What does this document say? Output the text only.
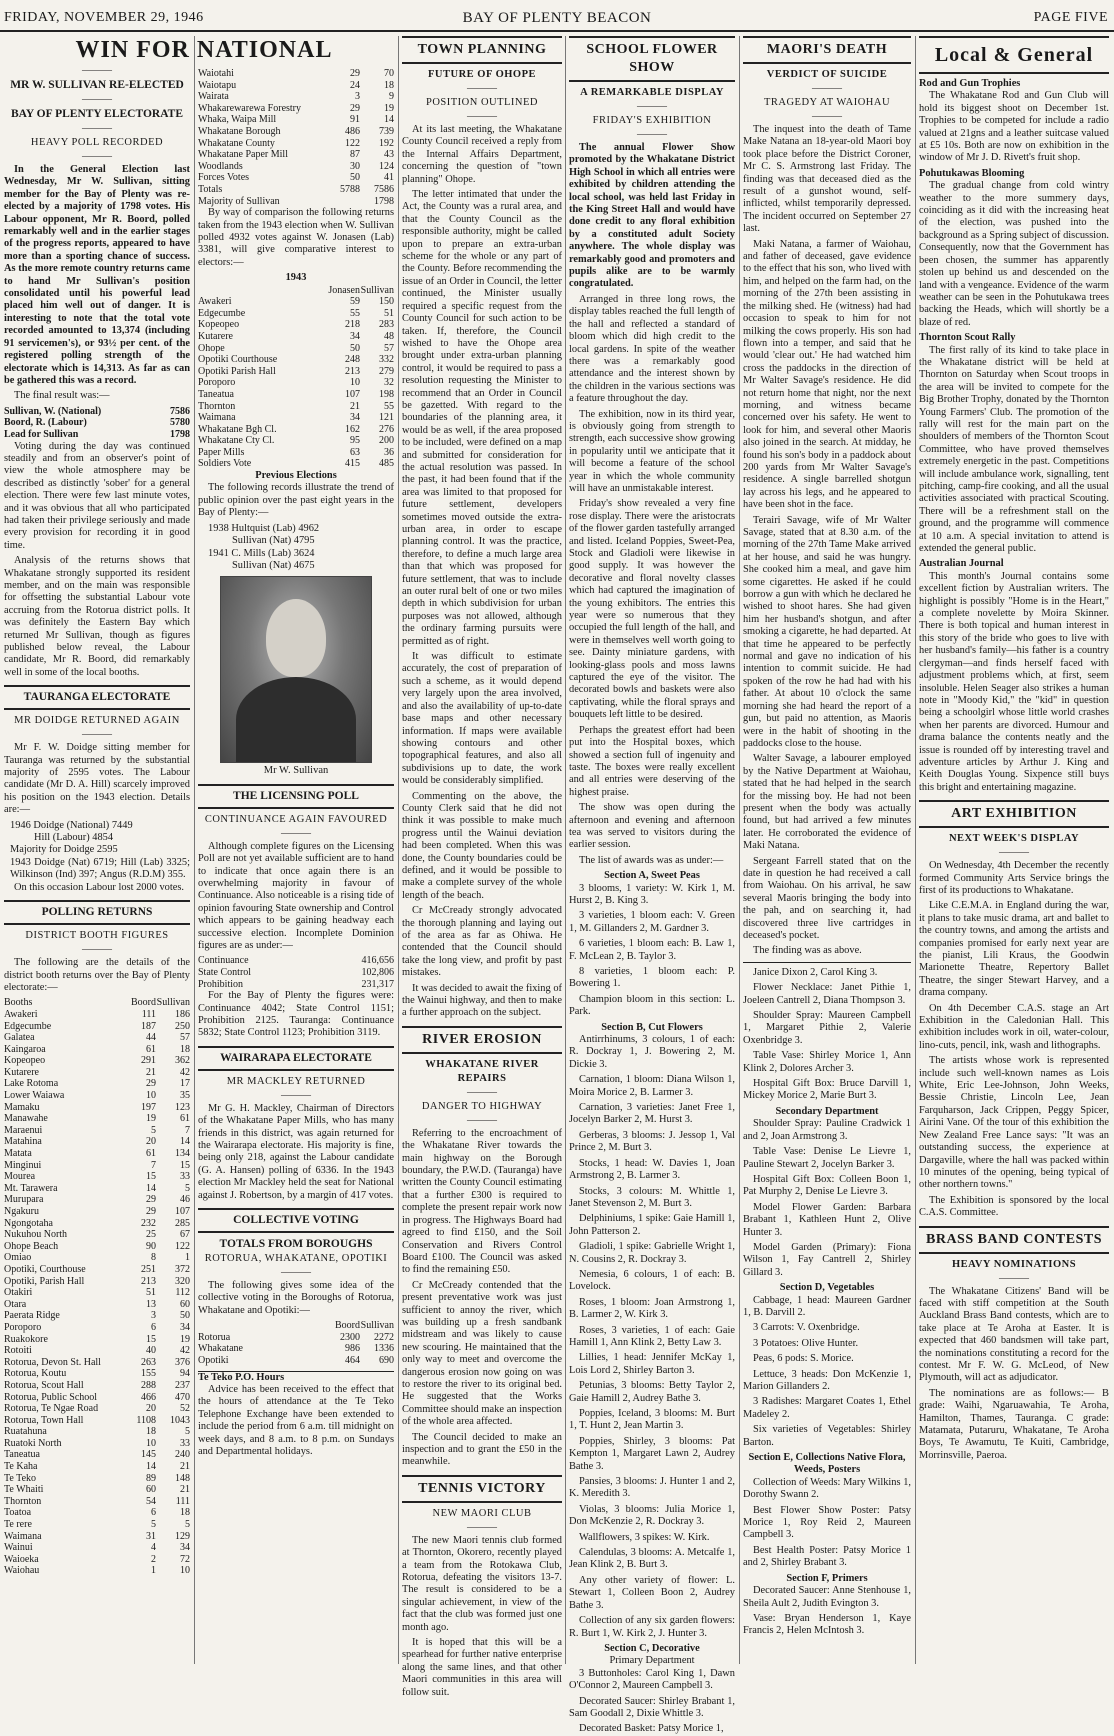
FRIDAY, NOVEMBER 29, 1946	BAY OF PLENTY BEACON	PAGE FIVE
WIN FOR NATIONAL
———
MR W. SULLIVAN RE-ELECTED
———
BAY OF PLENTY ELECTORATE
———
HEAVY POLL RECORDED
———

In the General Election last Wednesday, Mr W. Sullivan, sitting member for the Bay of Plenty was re-elected by a majority of 1798 votes. His Labour opponent, Mr R. Boord, polled remarkably well and in the earlier stages of the progress reports, appeared to have more than a sporting chance of success. As the more remote country returns came to hand Mr Sullivan's position consolidated until his powerful lead placed him well out of danger. It is interesting to note that the total vote recorded amounted to 13,374 (including 91 servicemen's), or 93½ per cent. of the registered polling strength of the electorate which is 14,313. As far as can be gathered this was a record.

The final result was:—

Sullivan, W. (National)	7586
Boord, R. (Labour)	5780
Lead for Sullivan	1798

Voting during the day was continued steadily and from an observer's point of view the whole atmosphere may be described as distinctly 'sober' for a general election. There were few last minute votes, and it was obvious that all who participated had taken their privilege seriously and made every provision for recording it in good time.

Analysis of the returns shows that Whakatane strongly supported its resident member, and on the main was responsible for offsetting the substantial Labour vote accruing from the Rotorua district polls. It was definitely the Eastern Bay which returned Mr Sullivan, though as figures published below reveal, the Labour candidate, Mr R. Boord, did remarkably well in some of the local booths.

TAURANGA ELECTORATE
MR DOIDGE RETURNED AGAIN
———

Mr F. W. Doidge sitting member for Tauranga was returned by the substantial majority of 2595 votes. The Labour candidate (Mr D. A. Hill) scarcely improved his position on the 1943 election. Details are:—

1946 Doidge (National) 7449
Hill (Labour) 4854
Majority for Doidge 2595
1943 Doidge (Nat) 6719; Hill (Lab) 3325; Wilkinson (Ind) 397; Angus (R.D.M) 355.

On this occasion Labour lost 2000 votes.

POLLING RETURNS
DISTRICT BOOTH FIGURES
———

The following are the details of the district booth returns over the Bay of Plenty electorate:—

Booths	Boord	Sullivan
Awakeri	111	186
Edgecumbe	187	250
Galatea	44	57
Kaingaroa	61	18
Kopeopeo	291	362
Kutarere	21	42
Lake Rotoma	29	17
Lower Waiawa	10	35
Mamaku	197	123
Manawahe	19	61
Maraenui	5	7
Matahina	20	14
Matata	61	134
Minginui	7	15
Mourea	15	33
Mt. Tarawera	14	5
Murupara	29	46
Ngakuru	29	107
Ngongotaha	232	285
Nukuhou North	25	67
Ohope Beach	90	122
Omiao	8	1
Opotiki, Courthouse	251	372
Opotiki, Parish Hall	213	320
Otakiri	51	112
Otara	13	60
Paerata Ridge	3	50
Poroporo	6	34
Ruakokore	15	19
Rotoiti	40	42
Rotorua, Devon St. Hall	263	376
Rotorua, Koutu	155	94
Rotorua, Scout Hall	288	237
Rotorua, Public School	466	470
Rotorua, Te Ngae Road	20	52
Rotorua, Town Hall	1108	1043
Ruatahuna	18	5
Ruatoki North	10	33
Taneatua	145	240
Te Kaha	14	21
Te Teko	89	148
Te Whaiti	60	21
Thornton	54	111
Toatoa	6	18
Te rere	5	5
Waimana	31	129
Wainui	4	34
Waioeka	2	72
Waiohau	1	10
Waiotahi	29	70
Waiotapu	24	18
Wairata	3	9
Whakarewarewa Forestry	29	19
Whaka, Waipa Mill	91	14
Whakatane Borough	486	739
Whakatane County	122	192
Whakatane Paper Mill	87	43
Woodlands	30	124
Forces Votes	50	41
Totals	5788	7586
Majority of Sullivan		1798

By way of comparison the following returns taken from the 1943 election when W. Sullivan polled 4932 votes against W. Jonasen (Lab) 3381, will give comparative interest to electors:—

1943
	Jonasen	Sullivan
Awakeri	59	150
Edgecumbe	55	51
Kopeopeo	218	283
Kutarere	34	48
Ohope	50	57
Opotiki Courthouse	248	332
Opotiki Parish Hall	213	279
Poroporo	10	32
Taneatua	107	198
Thornton	21	55
Waimana	34	121
Whakatane Bgh Cl.	162	276
Whakatane Cty Cl.	95	200
Paper Mills	63	36
Soldiers Vote	415	485
Previous Elections

The following records illustrate the trend of public opinion over the past eight years in the Bay of Plenty:—

1938 Hultquist (Lab) 4962
Sullivan (Nat) 4795
1941 C. Mills (Lab) 3624
Sullivan (Nat) 4675
Mr W. Sullivan
THE LICENSING POLL
CONTINUANCE AGAIN FAVOURED
———

Although complete figures on the Licensing Poll are not yet available sufficient are to hand to indicate that once again there is an overwhelming majority in favour of Continuance. Also noticeable is a rising tide of opinion favouring State ownership and Control which appears to be gaining headway each successive election. Incomplete Dominion figures are as under:—

Continuance	416,656
State Control	102,806
Prohibition	231,317

For the Bay of Plenty the figures were: Continuance 4042; State Control 1151; Prohibition 2125. Tauranga: Continuance 5832; State Control 1123; Prohibition 3119.

WAIRARAPA ELECTORATE
MR MACKLEY RETURNED
———

Mr G. H. Mackley, Chairman of Directors of the Whakatane Paper Mills, who has many friends in this district, was again returned for the Wairarapa electorate. His majority is fine, being only 218, against the Labour candidate (G. A. Hansen) polling of 6336. In the 1943 election Mr Mackley held the seat for National against J. Robertson, by a margin of 417 votes.

COLLECTIVE VOTING
TOTALS FROM BOROUGHS
ROTORUA, WHAKATANE, OPOTIKI
———

The following gives some idea of the collective voting in the Boroughs of Rotorua, Whakatane and Opotiki:—

	Boord	Sullivan
Rotorua	2300	2272
Whakatane	986	1336
Opotiki	464	690
Te Teko P.O. Hours

Advice has been received to the effect that the hours of attendance at the Te Teko Telephone Exchange have been extended to include the period from 6 a.m. till midnight on week days, and 8 a.m. to 8 p.m. on Sundays and Departmental holidays.

TOWN PLANNING
FUTURE OF OHOPE
———
POSITION OUTLINED
———

At its last meeting, the Whakatane County Council received a reply from the Internal Affairs Department, concerning the question of "town planning" Ohope.

The letter intimated that under the Act, the County was a rural area, and that the County Council as the responsible authority, might be called upon to prepare an extra-urban scheme for the whole or any part of the County. Before recommending the issue of an Order in Council, the letter continued, the Minister usually required a specific request from the County Council for such action to be taken. If, therefore, the Council wished to have the Ohope area brought under extra-urban planning control, it would be required to pass a resolution requesting the Minister to recommend that an Order in Council be gazetted. With regard to the boundaries of the planning area, it would be as well, if the area proposed to be included, were defined on a map and submitted for consideration for the actual resolution was passed. In the past, it had been found that if the area was limited to that proposed for future settlement, developers sometimes moved outside the extra-urban area, in order to escape planning control. It was the practice, therefore, to define a much large area than that which was proposed for future settlement, that was to include an outer rural belt of one or two miles depth in which subdivision for urban purposes was not allowed, although the ordinary farming pursuits were permitted as of right.

It was difficult to estimate accurately, the cost of preparation of such a scheme, as it would depend very largely upon the area involved, and also the availability of up-to-date base maps and other necessary information. If maps were available showing contours and other topographical features, and also all subdivisions up to date, the work would be considerably simplified.

Commenting on the above, the County Clerk said that he did not think it was possible to make much progress until the Wainui deviation had been completed. When this was done, the County boundaries could be defined, and it would be possible to make a complete survey of the whole length of the beach.

Cr McCready strongly advocated the thorough planning and laying out of the area as far as Ohiwa. He contended that the Council should take the long view, and profit by past mistakes.

It was decided to await the fixing of the Wainui highway, and then to make a further approach on the subject.

RIVER EROSION
WHAKATANE RIVER REPAIRS
———
DANGER TO HIGHWAY
———

Referring to the encroachment of the Whakatane River towards the main highway on the Borough boundary, the P.W.D. (Tauranga) have written the County Council estimating that a further £300 is required to complete the present repair work now in progress. The Highways Board had agreed to find £150, and the Soil Conservation and Rivers Control Board £100. The Council was asked to find the remaining £50.

Cr McCready contended that the present preventative work was just sufficient to annoy the river, which was building up a fresh sandbank midstream and was likely to cause new scouring. He maintained that the only way to meet and overcome the dangerous erosion now going on was to restore the river to its original bed. He suggested that the Works Committee should make an inspection of the whole area affected.

The Council decided to make an inspection and to grant the £50 in the meanwhile.

TENNIS VICTORY
NEW MAORI CLUB
———

The new Maori tennis club formed at Thornton, Okorero, recently played a team from the Rotokawa Club, Rotorua, defeating the visitors 13-7. The result is considered to be a singular achievement, in view of the fact that the club was formed just one month ago.

It is hoped that this will be a spearhead for further native enterprise along the same lines, and that other Maori communities in this area will follow suit.

SCHOOL FLOWER SHOW
A REMARKABLE DISPLAY
———
FRIDAY'S EXHIBITION
———

The annual Flower Show promoted by the Whakatane District High School in which all entries were exhibited by children attending the local school, was held last Friday in the King Street Hall and would have done credit to any floral exhibition by a constituted adult Society anywhere. The whole display was remarkably good and promoters and pupils alike are to be warmly congratulated.

Arranged in three long rows, the display tables reached the full length of the hall and reflected a standard of bloom which did high credit to the local gardens. In spite of the weather there was a remarkably good attendance and the interest shown by the children in the various sections was a feature throughout the day.

The exhibition, now in its third year, is obviously going from strength to strength, each successive show growing in popularity until we anticipate that it will become a feature of the school year in which the whole community will have an unmistakable interest.

Friday's show revealed a very fine rose display. There were the aristocrats of the flower garden tastefully arranged and listed. Iceland Poppies, Sweet-Pea, Stock and Gladioli were likewise in good supply. It was however the decorative and floral novelty classes which had captured the imagination of the young exhibitors. The entries this year were so numerous that they occupied the full length of the hall, and were in themselves well worth going to see. Dainty miniature gardens, with looking-glass pools and moss lawns captured the eye of the visitor. The decorated bowls and baskets were also captivating, while the floral sprays and bouquets left little to be desired.

Perhaps the greatest effort had been put into the Hospital boxes, which showed a section full of ingenuity and taste. The boxes were really excellent and all entries were deserving of the highest praise.

The show was open during the afternoon and evening and afternoon tea was served to visitors during the earlier session.

The list of awards was as under:—

Section A, Sweet Peas

3 blooms, 1 variety: W. Kirk 1, M. Hurst 2, B. King 3.

3 varieties, 1 bloom each: V. Green 1, M. Gillanders 2, M. Gardner 3.

6 varieties, 1 bloom each: B. Law 1, F. McLean 2, B. Taylor 3.

8 varieties, 1 bloom each: P. Bowering 1.

Champion bloom in this section: L. Park.

Section B, Cut Flowers

Antirrhinums, 3 colours, 1 of each: R. Dockray 1, J. Bowering 2, M. Dickie 3.

Carnation, 1 bloom: Diana Wilson 1, Moira Morice 2, B. Larmer 3.

Carnation, 3 varieties: Janet Free 1, Jocelyn Barker 2, M. Hurst 3.

Gerberas, 3 blooms: J. Jessop 1, Val Prince 2, M. Burt 3.

Stocks, 1 head: W. Davies 1, Joan Armstrong 2, B. Larmer 3.

Stocks, 3 colours: M. Whittle 1, Janet Stevenson 2, M. Burt 3.

Delphiniums, 1 spike: Gaie Hamill 1, John Patterson 2.

Gladioli, 1 spike: Gabrielle Wright 1, N. Cousins 2, R. Dockray 3.

Nemesia, 6 colours, 1 of each: B. Lovelock.

Roses, 1 bloom: Joan Armstrong 1, B. Larmer 2, W. Kirk 3.

Roses, 3 varieties, 1 of each: Gaie Hamill 1, Ann Klink 2, Betty Law 3.

Lillies, 1 head: Jennifer McKay 1, Lois Lord 2, Shirley Barton 3.

Petunias, 3 blooms: Betty Taylor 2, Gaie Hamill 2, Audrey Bathe 3.

Poppies, Iceland, 3 blooms: M. Burt 1, T. Hunt 2, Jean Martin 3.

Poppies, Shirley, 3 blooms: Pat Kempton 1, Margaret Lawn 2, Audrey Bathe 3.

Pansies, 3 blooms: J. Hunter 1 and 2, K. Meredith 3.

Violas, 3 blooms: Julia Morice 1, Don McKenzie 2, R. Dockray 3.

Wallflowers, 3 spikes: W. Kirk.

Calendulas, 3 blooms: A. Metcalfe 1, Jean Klink 2, B. Burt 3.

Any other variety of flower: L. Stewart 1, Colleen Boon 2, Audrey Bathe 3.

Collection of any six garden flowers: R. Burt 1, W. Kirk 2, J. Hunter 3.

Section C, Decorative
Primary Department

3 Buttonholes: Carol King 1, Dawn O'Connor 2, Maureen Campbell 3.

Decorated Saucer: Shirley Brabant 1, Sam Goodall 2, Dixie Whittle 3.

Decorated Basket: Patsy Morice 1,

MAORI'S DEATH
VERDICT OF SUICIDE
———
TRAGEDY AT WAIOHAU
———

The inquest into the death of Tame Make Natana an 18-year-old Maori boy took place before the District Coroner, Mr C. S. Armstrong last Friday. The finding was that deceased died as the result of a gunshot wound, self-inflicted, whilst temporarily depressed. The incident occurred on September 27 last.

Maki Natana, a farmer of Waiohau, and father of deceased, gave evidence to the effect that his son, who lived with him, and helped on the farm had, on the morning of the 27th been assisting in the milking shed. He (witness) had had occasion to speak to him for not milking the cows properly. His son had flown into a temper, and said that he would 'clear out.' He had watched him cross the paddocks in the direction of Mr Walter Savage's residence. He did not return home that night, nor the next morning, and witness became concerned over his safety. He went to look for him, and several other Maoris also joined in the search. At midday, he found his son's body in a paddock about 200 yards from Mr Walter Savage's residence. A single barrelled shotgun lay across his legs, and he appeared to have been shot in the face.

Terairi Savage, wife of Mr Walter Savage, stated that at 8.30 a.m. of the morning of the 27th Tame Make arrived at her house, and said he was hungry. She cooked him a meal, and gave him some cigarettes. He asked if he could borrow a gun with which he declared he wished to shoot hares. She had given him her husband's shotgun, and after smoking a cigarette, he had departed. At that time he appeared to be perfectly normal and gave no indication of his intention to commit suicide. He had spoken of the row he had had with his father. At about 10 o'clock the same morning she had heard the report of a gun, but paid no attention, as Maoris were in the habit of shooting in the paddocks close to the house.

Walter Savage, a labourer employed by the Native Department at Waiohau, stated that he had helped in the search for the missing boy. He had not been present when the body was actually found, but had arrived a few minutes later. He corroborated the evidence of Maki Natana.

Sergeant Farrell stated that on the date in question he had received a call from Waiohau. On his arrival, he saw several Maoris bringing the body into the pah, and on searching it, had discovered three live cartridges in deceased's pocket.

The finding was as above.

Janice Dixon 2, Carol King 3.

Flower Necklace: Janet Pithie 1, Joeleen Cantrell 2, Diana Thompson 3.

Shoulder Spray: Maureen Campbell 1, Margaret Pithie 2, Valerie Oxenbridge 3.

Table Vase: Shirley Morice 1, Ann Klink 2, Dolores Archer 3.

Hospital Gift Box: Bruce Darvill 1, Mickey Morice 2, Marie Burt 3.

Secondary Department

Shoulder Spray: Pauline Cradwick 1 and 2, Joan Armstrong 3.

Table Vase: Denise Le Lievre 1, Pauline Stewart 2, Jocelyn Barker 3.

Hospital Gift Box: Colleen Boon 1, Pat Murphy 2, Denise Le Lievre 3.

Model Flower Garden: Barbara Brabant 1, Kathleen Hunt 2, Olive Hunter 3.

Model Garden (Primary): Fiona Wilson 1, Fay Cantrell 2, Shirley Gillard 3.

Section D, Vegetables

Cabbage, 1 head: Maureen Gardner 1, B. Darvill 2.

3 Carrots: V. Oxenbridge.

3 Potatoes: Olive Hunter.

Peas, 6 pods: S. Morice.

Lettuce, 3 heads: Don McKenzie 1, Marion Gillanders 2.

3 Radishes: Margaret Coates 1, Ethel Madeley 2.

Six varieties of Vegetables: Shirley Barton.

Section E, Collections Native Flora, Weeds, Posters

Collection of Weeds: Mary Wilkins 1, Dorothy Swann 2.

Best Flower Show Poster: Patsy Morice 1, Roy Reid 2, Maureen Campbell 3.

Best Health Poster: Patsy Morice 1 and 2, Shirley Brabant 3.

Section F, Primers

Decorated Saucer: Anne Stenhouse 1, Sheila Ault 2, Judith Evington 3.

Vase: Bryan Henderson 1, Kaye Francis 2, Helen McIntosh 3.

Local & General
Rod and Gun Trophies

The Whakatane Rod and Gun Club will hold its biggest shoot on December 1st. Trophies to be competed for include a radio valued at 21gns and a leather suitcase valued at £5 10s. Both are now on exhibition in the window of Mr J. D. Rivett's fruit shop.

Pohutukawas Blooming

The gradual change from cold wintry weather to the more summery days, coinciding as it did with the increasing heat of the election, was pushed into the background as a Spring subject of discussion. Consequently, now that the Government has been chosen, the summer has apparently stolen up behind us and descended on the land with a vengeance. Evidence of the warm weather can be seen in the Pohutukawa trees backing the Heads, which will shortly be a blaze of red.

Thornton Scout Rally

The first rally of its kind to take place in the Whakatane district will be held at Thornton on Saturday when Scout troops in the area will be invited to compete for the Big Brother Trophy, donated by the Thornton Young Farmers' Club. The promotion of the rally will rest for the main part on the shoulders of members of the Thornton Scout Committee, who have proved themselves extremely energetic in the past. Competitions will include ambulance work, signalling, tent pitching, camp-fire cooking, and all the usual activities associated with practical Scouting. There will be a refreshment stall on the ground, and the programme will commence at 10 a.m. A special invitation to attend is extended the general public.

Australian Journal

This month's Journal contains some excellent fiction by Australian writers. The highlight is possibly "Home is in the Heart," a complete novelette by Moira Skinner. There is both topical and human interest in this story of the bride who goes to live with her husband's family—his father is a country clergyman—and finds herself faced with adjustment problems which, at first, seem insoluble. Helen Seager also strikes a human note in "Moody Kid," the "kid" in question being a schoolgirl whose little world crashes when her parents are divorced. Humour and drama balance the contents neatly and the issue is rounded off by interesting travel and adventure articles by Arthur J. King and Keith Douglas Young. Sixpence still buys this bright and entertaining magazine.

ART EXHIBITION
NEXT WEEK'S DISPLAY
———

On Wednesday, 4th December the recently formed Community Arts Service brings the first of its productions to Whakatane.

Like C.E.M.A. in England during the war, it plans to take music drama, art and ballet to the country towns, and among the artists and companies promised for early next year are the pianist, Lili Kraus, the Goodwin Marionette Theatre, Repertory Ballet Theatre, the singer Stewart Harvey, and a drama company.

On 4th December C.A.S. stage an Art Exhibition in the Caledonian Hall. This exhibition includes work in oil, water-colour, lino-cuts, pencil, ink, wash and lithographs.

The artists whose work is represented include such well-known names as Lois White, Eric Lee-Johnson, John Weeks, Bessie Christie, Lincoln Lee, Jean Farquharson, Jack Crippen, Peggy Spicer, Airini Vane. Of the tour of this exhibition the New Zealand Free Lance says: "It was an outstanding success, the experience at Dargaville, where the hall was packed within 10 minutes of the opening, being typical of other northern towns."

The Exhibition is sponsored by the local C.A.S. Committee.

BRASS BAND CONTESTS
HEAVY NOMINATIONS
———

The Whakatane Citizens' Band will be faced with stiff competition at the South Auckland Brass Band contests, which are to take place at Te Aroha at Easter. It is expected that 460 bandsmen will take part, the nominations constituting a record for the contest. Mr F. W. G. McLeod, of New Plymouth, will act as adjudicator.

The nominations are as follows:— B grade: Waihi, Ngaruawahia, Te Aroha, Hamilton, Thames, Tauranga. C grade: Matamata, Putaruru, Whakatane, Te Aroha Boys, Te Awamutu, Te Kuiti, Cambridge, Morrinsville, Paeroa.
